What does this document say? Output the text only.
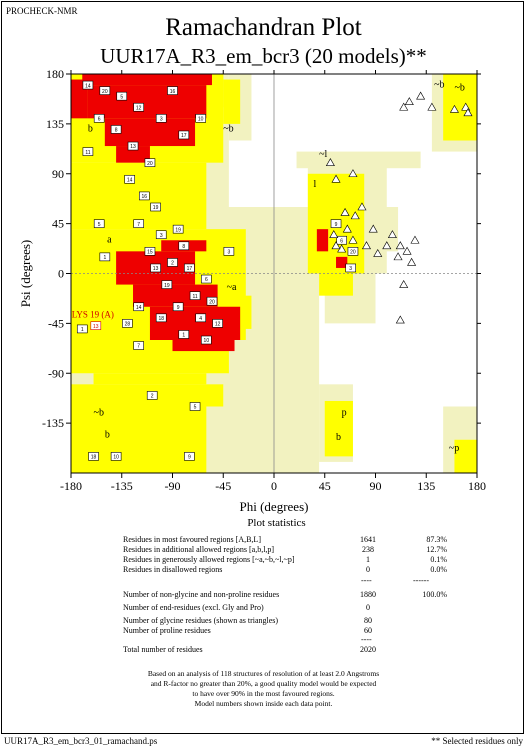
PROCHECK-NMR
Ramachandran Plot
UUR17A_R3_em_bcr3 (20 models)**
b	~b
~b
b
a
~a
l
~l
~b
b
p
~p
~b
20
5
12
3
8
13
20
17
16
10
6
14
16
19
7
3
8
15
2
17
6
19
11
20
9
4
12
18
1
14
28
10
1
5
1
7
13
19
3
6
20
9
3
2
5
18	10	9
14
11
LYS 19 (A)
13
-180 -135	-90	-45	0	45	90	135	180
180
135
90
45
0
-45
-90
-135
Phi (degrees)
Psi (degrees)
Plot statistics
Residues in most favoured regions [A,B,L]	1641	87.3%
Residues in additional allowed regions [a,b,l,p]	238	12.7%
Residues in generously allowed regions [~a,~b,~l,~p]	1	0.1%
Residues in disallowed regions	0	0.0%
Number of non-glycine and non-proline residues	1880	100.0%
Number of end-residues (excl. Gly and Pro)	0
Number of glycine residues (shown as triangles)	80
Number of proline residues	60
Total number of residues	2020
----	------
----
Based on an analysis of 118 structures of resolution of at least 2.0 Angstroms
and R-factor no greater than 20%, a good quality model would be expected
to have over 90% in the most favoured regions.
Model numbers shown inside each data point.
UUR17A_R3_em_bcr3_01_ramachand.ps	** Selected residues only
